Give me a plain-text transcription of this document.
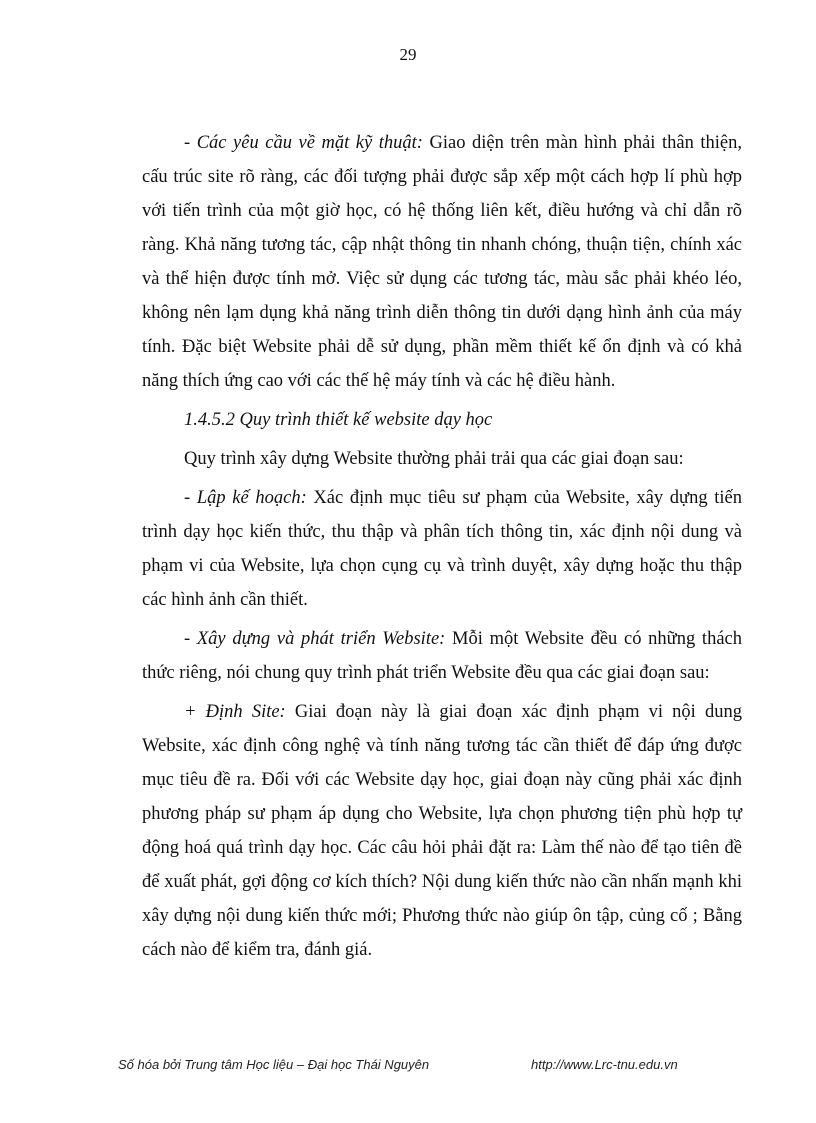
29

- Các yêu cầu về mặt kỹ thuật: Giao diện trên màn hình phải thân thiện, cấu trúc site rõ ràng, các đối tượng phải được sắp xếp một cách hợp lí phù hợp với tiến trình của một giờ học, có hệ thống liên kết, điều hướng và chỉ dẫn rõ ràng. Khả năng tương tác, cập nhật thông tin nhanh chóng, thuận tiện, chính xác và thể hiện được tính mở. Việc sử dụng các tương tác, màu sắc phải khéo léo, không nên lạm dụng khả năng trình diễn thông tin dưới dạng hình ảnh của máy tính. Đặc biệt Website phải dễ sử dụng, phần mềm thiết kế ổn định và có khả năng thích ứng cao với các thế hệ máy tính và các hệ điều hành.

1.4.5.2 Quy trình thiết kế website dạy học

Quy trình xây dựng Website thường phải trải qua các giai đoạn sau:

- Lập kế hoạch: Xác định mục tiêu sư phạm của Website, xây dựng tiến trình dạy học kiến thức, thu thập và phân tích thông tin, xác định nội dung và phạm vi của Website, lựa chọn cụng cụ và trình duyệt, xây dựng hoặc thu thập các hình ảnh cần thiết.

- Xây dựng và phát triển Website: Mỗi một Website đều có những thách thức riêng, nói chung quy trình phát triển Website đều qua các giai đoạn sau:

+ Định Site: Giai đoạn này là giai đoạn xác định phạm vi nội dung Website, xác định công nghệ và tính năng tương tác cần thiết để đáp ứng được mục tiêu đề ra. Đối với các Website dạy học, giai đoạn này cũng phải xác định phương pháp sư phạm áp dụng cho Website, lựa chọn phương tiện phù hợp tự động hoá quá trình dạy học. Các câu hỏi phải đặt ra: Làm thế nào để tạo tiên đề để xuất phát, gợi động cơ kích thích? Nội dung kiến thức nào cần nhấn mạnh khi xây dựng nội dung kiến thức mới; Phương thức nào giúp ôn tập, củng cố ; Bằng cách nào để kiểm tra, đánh giá.

Số hóa bởi Trung tâm Học liệu – Đại học Thái Nguyên	http://www.Lrc-tnu.edu.vn
